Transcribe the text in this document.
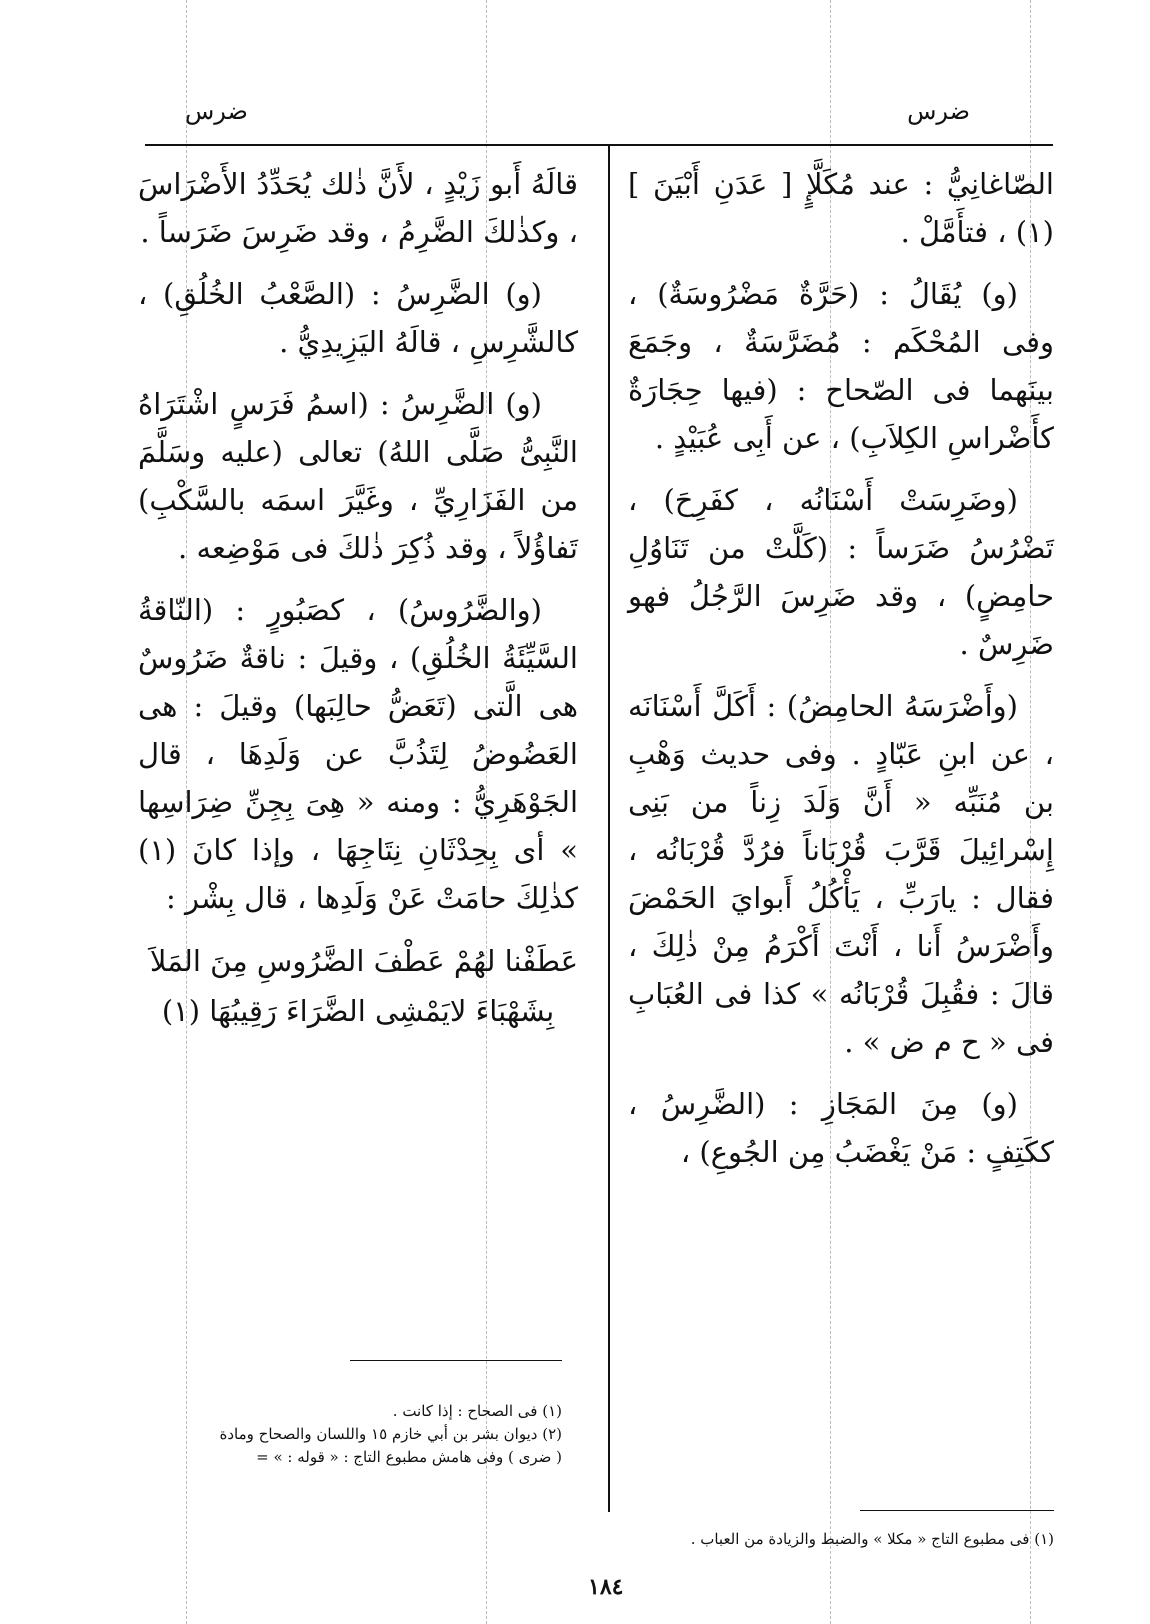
ضرس
ضرس

الصّاغانِيُّ : عند مُكَلَّإٍ [ عَدَنِ أَبْيَنَ ] (١) ، فتأَمَّلْ .

(و) يُقَالُ : (حَرَّةٌ مَضْرُوسَةٌ) ، وفى المُحْكَم : مُضَرَّسَةٌ ، وجَمَعَ بينَهما فى الصّحاح : (فيها حِجَارَةٌ كأَضْراسِ الكِلاَبِ) ، عن أَبِى عُبَيْدٍ .

(وضَرِسَتْ أَسْنَانُه ، كفَرِحَ) ، تَضْرُسُ ضَرَساً : (كَلَّتْ من تَنَاوُلِ حامِضٍ) ، وقد ضَرِسَ الرَّجُلُ فهو ضَرِسٌ .

(وأَضْرَسَهُ الحامِضُ) : أَكَلَّ أَسْنَانَه ، عن ابنِ عَبّادٍ . وفى حديث وَهْبِ بن مُنَبِّه « أَنَّ وَلَدَ زِناً من بَنِى إِسْرائِيلَ قَرَّبَ قُرْبَاناً فرُدَّ قُرْبَانُه ، فقال : يارَبِّ ، يَأْكُلُ أَبوايَ الحَمْضَ وأَضْرَسُ أَنا ، أَنْتَ أَكْرَمُ مِنْ ذٰلِكَ ، قالَ : فقُبِلَ قُرْبَانُه » كذا فى العُبَابِ فى « ح م ض » .

(و) مِنَ المَجَازِ : (الضَّرِسُ ، ككَتِفٍ : مَنْ يَغْضَبُ مِن الجُوعِ) ،

قالَهُ أَبو زَيْدٍ ، لأَنَّ ذٰلك يُحَدِّدُ الأَضْرَاسَ ، وكذٰلكَ الضَّرِمُ ، وقد ضَرِسَ ضَرَساً .

(و) الضَّرِسُ : (الصَّعْبُ الخُلُقِ) ، كالشَّرِسِ ، قالَهُ اليَزِيدِيُّ .

(و) الضَّرِسُ : (اسمُ فَرَسٍ اشْتَرَاهُ النَّبِىُّ صَلَّى اللهُ) تعالى (عليه وسَلَّمَ من الفَزَارِيِّ ، وغَيَّرَ اسمَه بالسَّكْبِ) تَفاؤُلاً ، وقد ذُكِرَ ذٰلكَ فى مَوْضِعه .

(والضَّرُوسُ) ، كصَبُورٍ : (النّاقةُ السَّيِّئَةُ الخُلُقِ) ، وقيلَ : ناقةٌ ضَرُوسٌ هى الَّتى (تَعَضُّ حالِبَها) وقيلَ : هى العَضُوضُ لِتَذُبَّ عن وَلَدِهَا ، قال الجَوْهَرِيُّ : ومنه « هِىَ بِجِنِّ ضِرَاسِها » أى بِحِدْثَانِ نِتَاجِهَا ، وإذا كانَ (١) كذٰلِكَ حامَتْ عَنْ وَلَدِها ، قال بِشْر :

عَطَفْنا لهُمْ عَطْفَ الضَّرُوسِ مِنَ المَلاَ
بِشَهْبَاءَ لايَمْشِى الضَّرَاءَ رَقِيبُهَا (١)
(١) فى الصحاح : إذا كانت .
(٢) ديوان بشر بن أبي خازم ١٥ واللسان والصحاح ومادة
( ضرى ) وفى هامش مطبوع التاج : « قوله : » =
(١) فى مطبوع التاج « مكلا » والضبط والزيادة من العباب .
١٨٤
